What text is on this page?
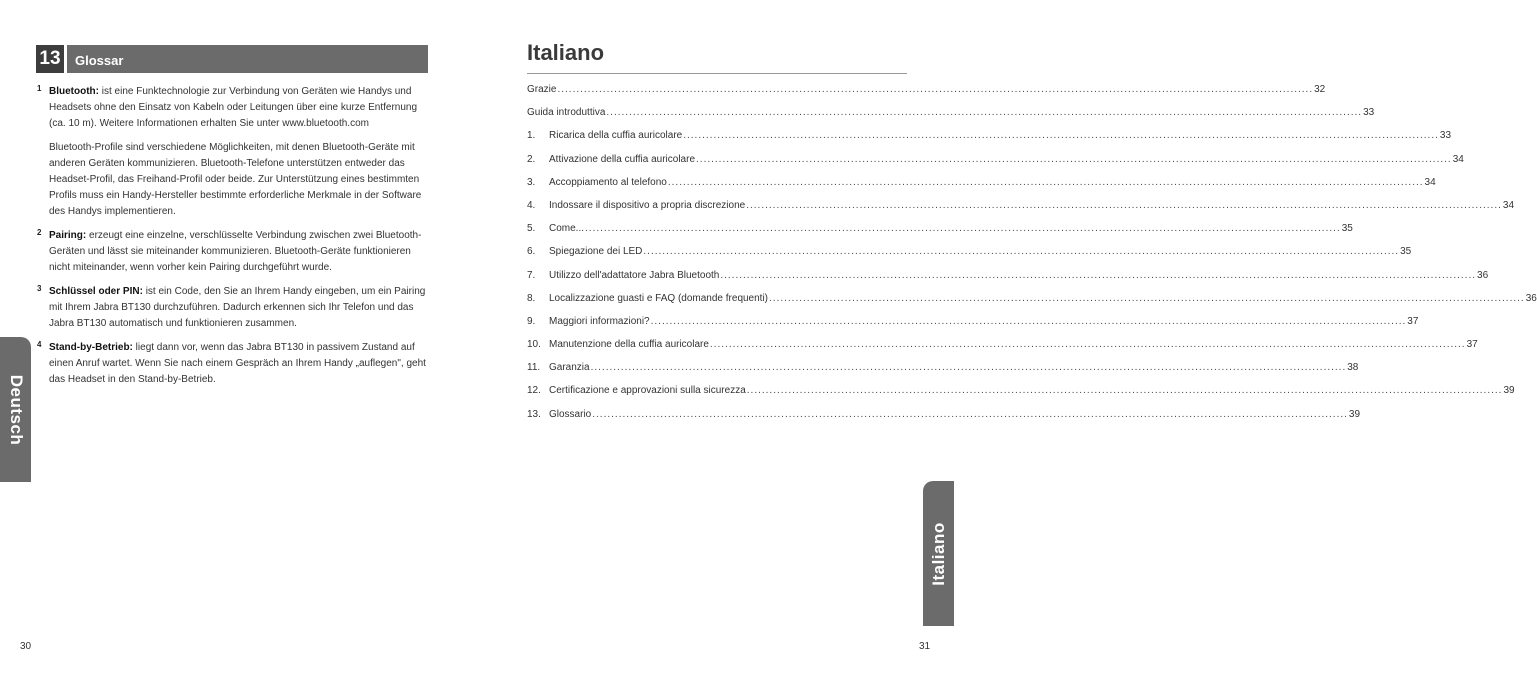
13	Glossar
1 Bluetooth: ist eine Funktechnologie zur Verbindung von Geräten wie Handys und Headsets ohne den Einsatz von Kabeln oder Leitungen über eine kurze Entfernung (ca. 10 m). Weitere Informationen erhalten Sie unter www.bluetooth.com

Bluetooth-Profile sind verschiedene Möglichkeiten, mit denen Bluetooth-Geräte mit anderen Geräten kommunizieren. Bluetooth-Telefone unterstützen entweder das Headset-Profil, das Freihand-Profil oder beide. Zur Unterstützung eines bestimmten Profils muss ein Handy-Hersteller bestimmte erforderliche Merkmale in der Software des Handys implementieren.

2 Pairing: erzeugt eine einzelne, verschlüsselte Verbindung zwischen zwei Bluetooth-Geräten und lässt sie miteinander kommunizieren. Bluetooth-Geräte funktionieren nicht miteinander, wenn vorher kein Pairing durchgeführt wurde.

3 Schlüssel oder PIN: ist ein Code, den Sie an Ihrem Handy eingeben, um ein Pairing mit Ihrem Jabra BT130 durchzuführen. Dadurch erkennen sich Ihr Telefon und das Jabra BT130 automatisch und funktionieren zusammen.

4 Stand-by-Betrieb: liegt dann vor, wenn das Jabra BT130 in passivem Zustand auf einen Anruf wartet. Wenn Sie nach einem Gespräch an Ihrem Handy „auflegen", geht das Headset in den Stand-by-Betrieb.

Deutsch
30
Italiano
Grazie ........................................................................................................................................................................................................ 32
Guida introduttiva ........................................................................................................................................................................................................ 33
1.	Ricarica della cuffia auricolare ........................................................................................................................................................................................................ 33
2.	Attivazione della cuffia auricolare ........................................................................................................................................................................................................ 34
3.	Accoppiamento al telefono ........................................................................................................................................................................................................ 34
4.	Indossare il dispositivo a propria discrezione ........................................................................................................................................................................................................ 34
5.	Come... ........................................................................................................................................................................................................ 35
6.	Spiegazione dei LED ........................................................................................................................................................................................................ 35
7.	Utilizzo dell'adattatore Jabra Bluetooth ........................................................................................................................................................................................................ 36
8.	Localizzazione guasti e FAQ (domande frequenti) ........................................................................................................................................................................................................ 36
9.	Maggiori informazioni? ........................................................................................................................................................................................................ 37
10. Manutenzione della cuffia auricolare ........................................................................................................................................................................................................ 37
11. Garanzia ........................................................................................................................................................................................................ 38
12. Certificazione e approvazioni sulla sicurezza ........................................................................................................................................................................................................ 39
13. Glossario ........................................................................................................................................................................................................ 39
Italiano
31
